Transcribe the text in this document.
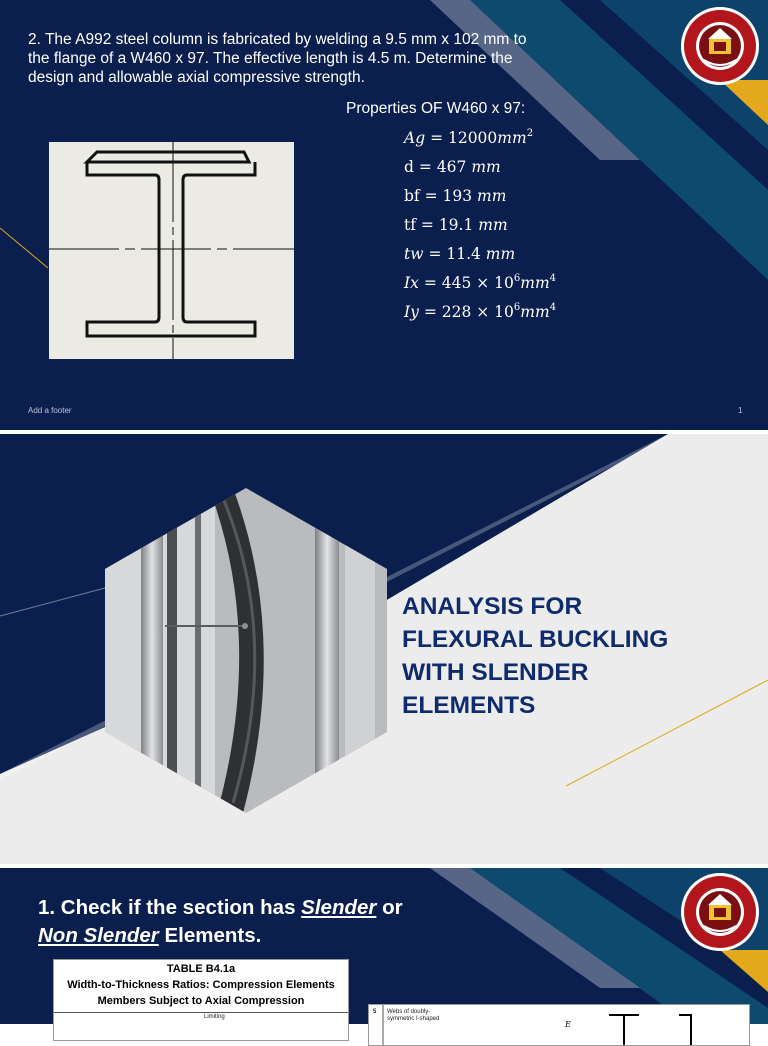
2. The A992 steel column is fabricated by welding a 9.5 mm x 102 mm to the flange of a W460 x 97. The effective length is 4.5 m. Determine the design and allowable axial compressive strength.

Properties OF W460 x 97:
$Ag = 12000mm^2$
d = 467 mm
bf = 193 mm
tf = 19.1 mm
tw = 11.4 mm
$Ix = 445 \times 10^6mm^4$
$Iy = 228 \times 10^6mm^4$
Add a footer	1
ANALYSIS FOR
FLEXURAL BUCKLING
WITH SLENDER
ELEMENTS
1. Check if the section has Slender or
Non Slender Elements.
TABLE B4.1a
Width-to-Thickness Ratios: Compression Elements
Members Subject to Axial Compression
Limiting
5 Webs of doubly-symmetric I-shaped
E
